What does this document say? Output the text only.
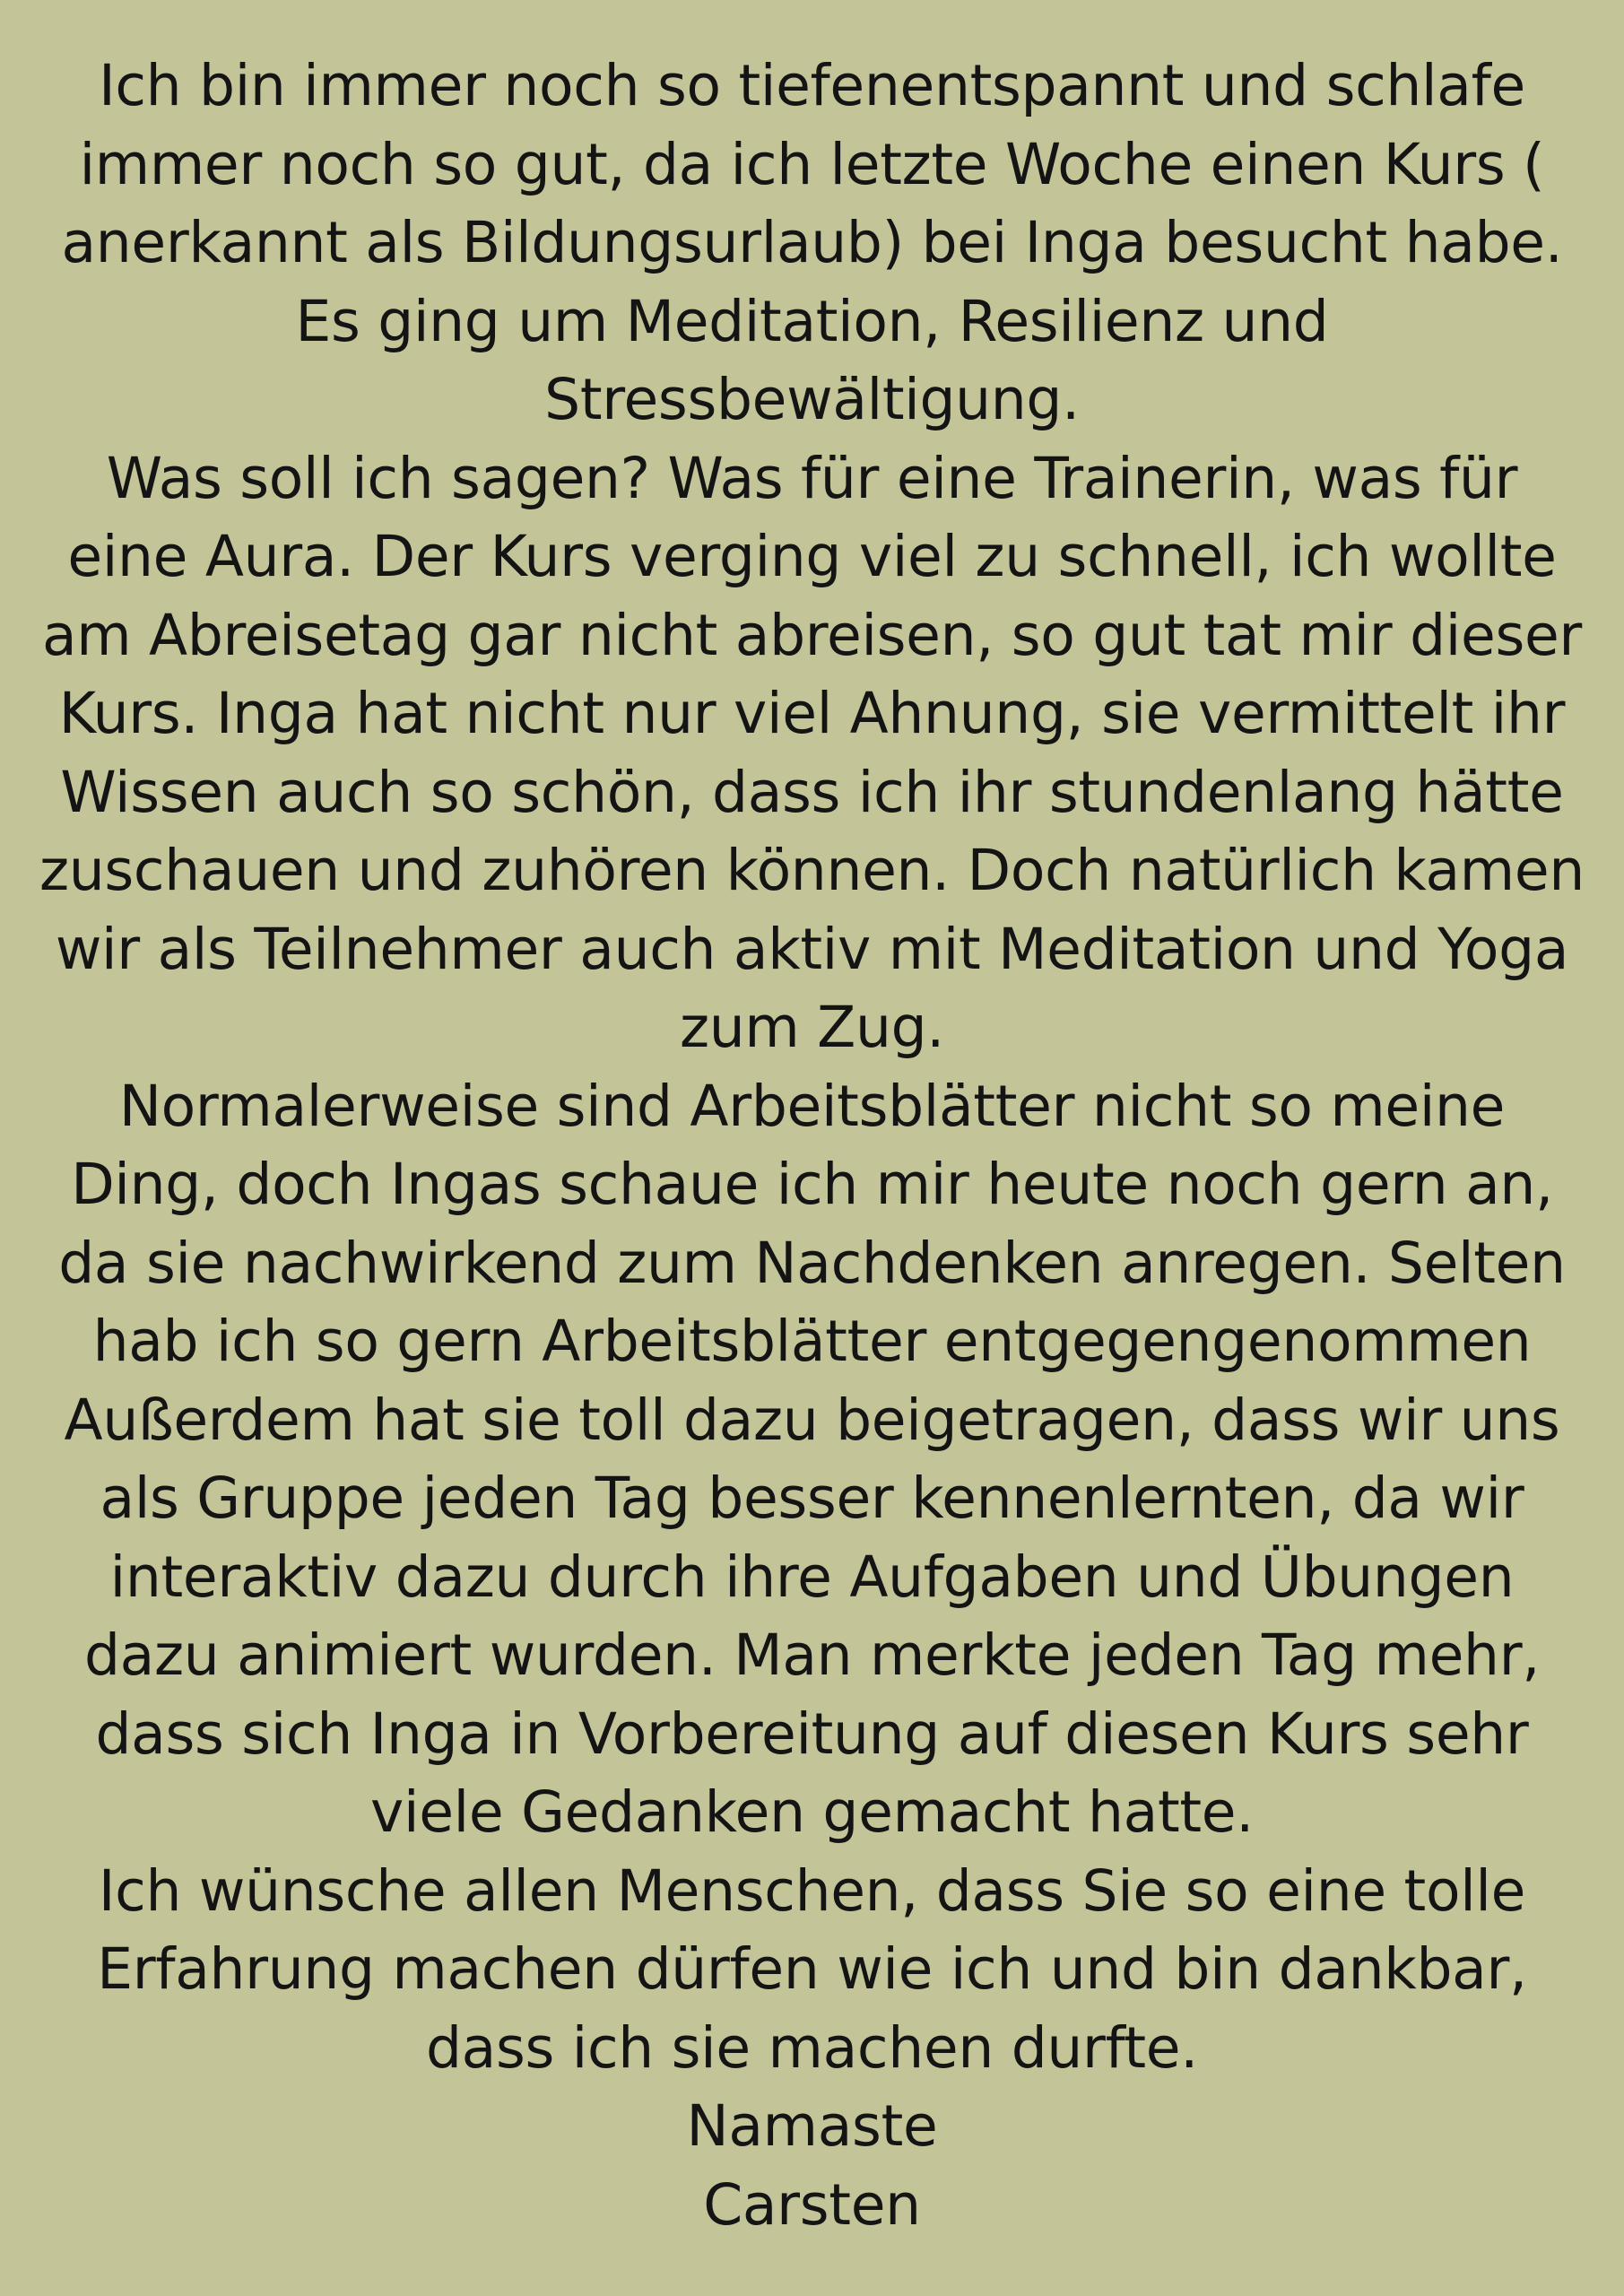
Ich bin immer noch so tiefenentspannt und schlafe
immer noch so gut, da ich letzte Woche einen Kurs (
anerkannt als Bildungsurlaub) bei Inga besucht habe.
Es ging um Meditation, Resilienz und
Stressbewältigung.
Was soll ich sagen? Was für eine Trainerin, was für
eine Aura. Der Kurs verging viel zu schnell, ich wollte
am Abreisetag gar nicht abreisen, so gut tat mir dieser
Kurs. Inga hat nicht nur viel Ahnung, sie vermittelt ihr
Wissen auch so schön, dass ich ihr stundenlang hätte
zuschauen und zuhören können. Doch natürlich kamen
wir als Teilnehmer auch aktiv mit Meditation und Yoga
zum Zug.
Normalerweise sind Arbeitsblätter nicht so meine
Ding, doch Ingas schaue ich mir heute noch gern an,
da sie nachwirkend zum Nachdenken anregen. Selten
hab ich so gern Arbeitsblätter entgegengenommen
Außerdem hat sie toll dazu beigetragen, dass wir uns
als Gruppe jeden Tag besser kennenlernten, da wir
interaktiv dazu durch ihre Aufgaben und Übungen
dazu animiert wurden. Man merkte jeden Tag mehr,
dass sich Inga in Vorbereitung auf diesen Kurs sehr
viele Gedanken gemacht hatte.
Ich wünsche allen Menschen, dass Sie so eine tolle
Erfahrung machen dürfen wie ich und bin dankbar,
dass ich sie machen durfte.
Namaste
Carsten
